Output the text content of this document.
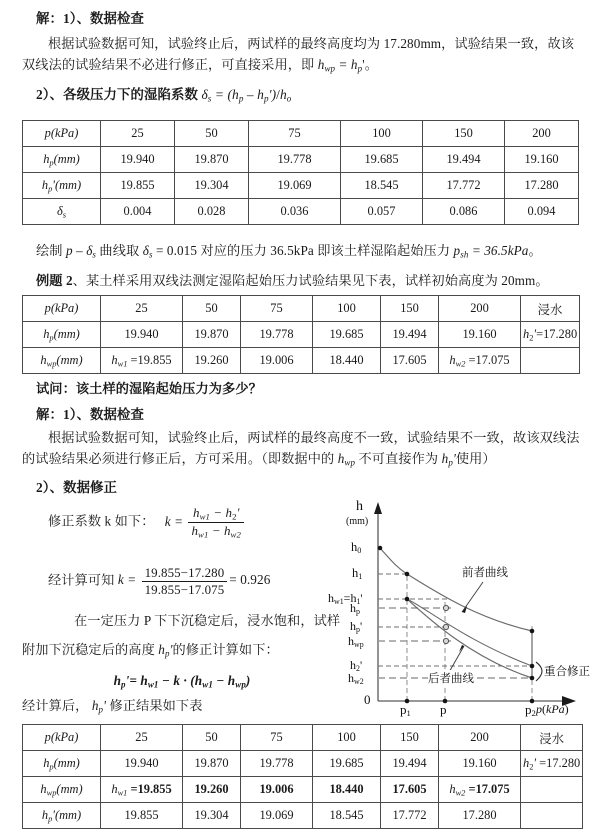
解：1）、数据检查

根据试验数据可知，试验终止后，两试样的最终高度均为 17.280mm，试验结果一致，故该双线法的试验结果不必进行修正，可直接采用，即 $h_{wp} = h_p'$。

2）、各级压力下的湿陷系数 $\delta_s = (h_p - h_p')/h_o$

p(kPa)	25	50	75	100	150	200
$h_p(mm)$	19.940	19.870	19.778	19.685	19.494	19.160
$h_p'(mm)$	19.855	19.304	19.069	18.545	17.772	17.280
$\delta_s$	0.004	0.028	0.036	0.057	0.086	0.094

绘制 p – $\delta_s$ 曲线取 $\delta_s = 0.015$ 对应的压力 36.5kPa 即该土样湿陷起始压力 $p_{sh} = 36.5kPa$。

例题 2、某土样采用双线法测定湿陷起始压力试验结果见下表，试样初始高度为 20mm。

p(kPa)	25	50	75	100	150	200	浸水
$h_p(mm)$	19.940	19.870	19.778	19.685	19.494	19.160	h2'=17.280
$h_{wp}(mm)$	$h_{w1} =19.855$	19.260	19.006	18.440	17.605	$h_{w2} =17.075$	

试问：该土样的湿陷起始压力为多少？

解：1）、数据检查

根据试验数据可知，试验终止后，两试样的最终高度不一致，试验结果不一致，故该双线法的试验结果必须进行修正后，方可采用。（即数据中的 $h_{wp}$ 不可直接作为 $h_p'$使用）

2）、数据修正

修正系数 k 如下： $k = \frac{h_{w1} - h2'}{h_{w1} - h_{w2}}$

经计算可知 $k = \frac{19.855-17.280}{19.855-17.075} = 0.926$

在一定压力 P 下下沉稳定后，浸水饱和，试样

附加下沉稳定后的高度 $h_p'$的修正计算如下：

$h_p'= h_{w1} - k \cdot (h_{w1} - h_{wp})$

经计算后， $h_p'$ 修正结果如下表

h
(mm)
p(kPa)
0
h0
h1
hw1=h1'
hp
hp'
hwp
h2'
hw2
p1 p	p2
前者曲线
后者曲线
重合修正
p(kPa)	25	50	75	100	150	200	浸水
$h_p(mm)$	19.940	19.870	19.778	19.685	19.494	19.160	h2' =17.280
$h_{wp}(mm)$	$h_{w1} =19.855$	19.260	19.006	18.440	17.605	$h_{w2} =17.075$	
$h_p'(mm)$	19.855	19.304	19.069	18.545	17.772	17.280	
